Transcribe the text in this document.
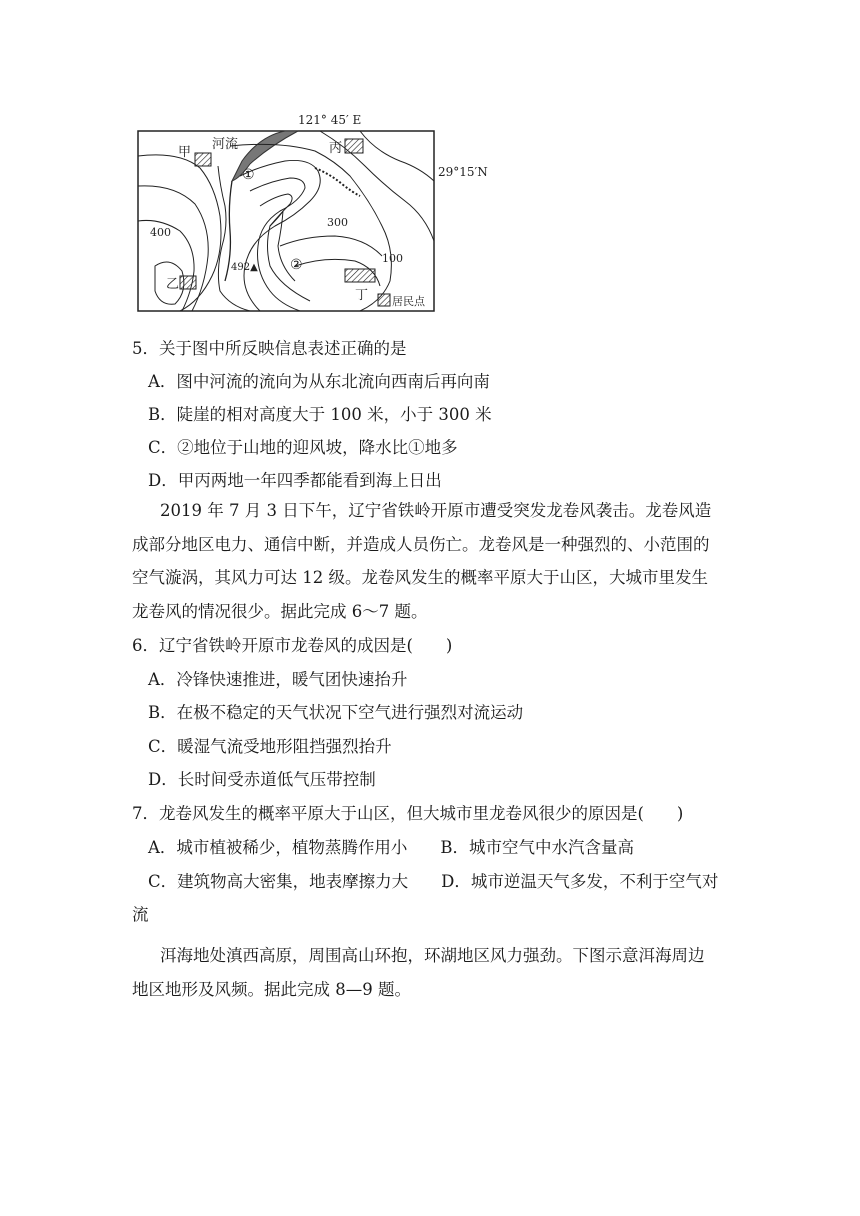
121° 45′ E
河流
甲	丙
乙
丁
①
②
400
300
100
492▲
居民点
29°15′N
5．关于图中所反映信息表述正确的是
A．图中河流的流向为从东北流向西南后再向南
B．陡崖的相对高度大于 100 米，小于 300 米
C．②地位于山地的迎风坡，降水比①地多
D．甲丙两地一年四季都能看到海上日出
2019 年 7 月 3 日下午，辽宁省铁岭开原市遭受突发龙卷风袭击。龙卷风造
成部分地区电力、通信中断，并造成人员伤亡。龙卷风是一种强烈的、小范围的
空气漩涡，其风力可达 12 级。龙卷风发生的概率平原大于山区，大城市里发生
龙卷风的情况很少。据此完成 6～7 题。
6．辽宁省铁岭开原市龙卷风的成因是(　　)
A．冷锋快速推进，暖气团快速抬升
B．在极不稳定的天气状况下空气进行强烈对流运动
C．暖湿气流受地形阻挡强烈抬升
D．长时间受赤道低气压带控制
7．龙卷风发生的概率平原大于山区，但大城市里龙卷风很少的原因是(　　)
A．城市植被稀少，植物蒸腾作用小　　B．城市空气中水汽含量高
C．建筑物高大密集，地表摩擦力大　　D．城市逆温天气多发，不利于空气对
流
洱海地处滇西高原，周围高山环抱，环湖地区风力强劲。下图示意洱海周边
地区地形及风频。据此完成 8—9 题。
